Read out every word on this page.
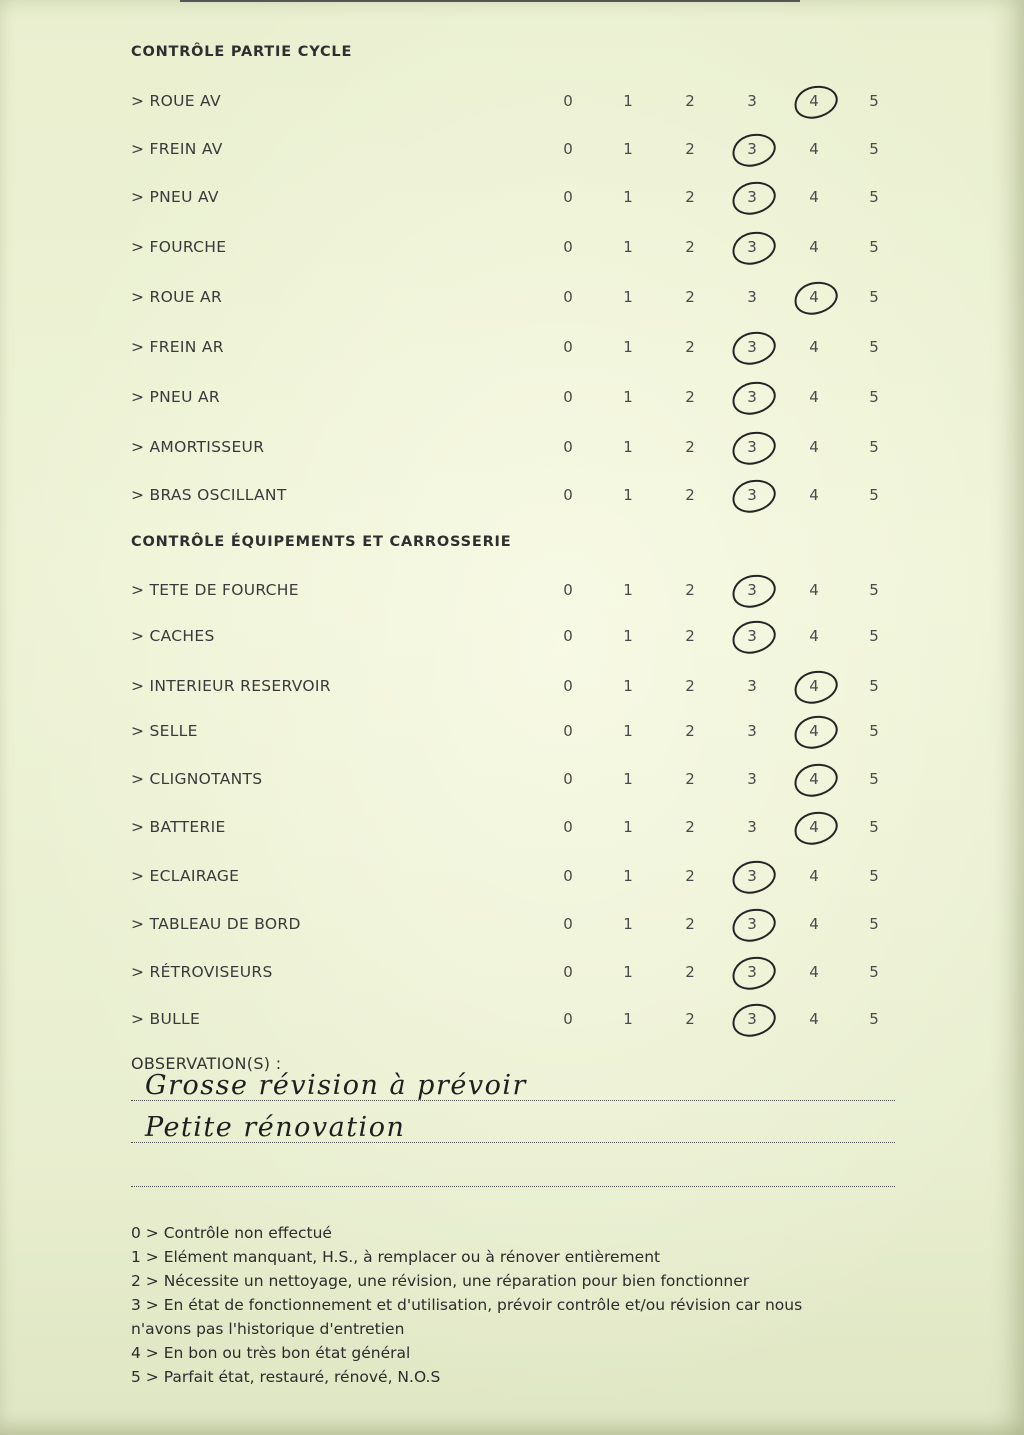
CONTRÔLE PARTIE CYCLE
CONTRÔLE ÉQUIPEMENTS ET CARROSSERIE
> ROUE AV	0	1	2	3	4	5
> FREIN AV	0	1	2	3	4	5
> PNEU AV	0	1	2	3	4	5
> FOURCHE	0	1	2	3	4	5
> ROUE AR	0	1	2	3	4	5
> FREIN AR	0	1	2	3	4	5
> PNEU AR	0	1	2	3	4	5
> AMORTISSEUR	0	1	2	3	4	5
> BRAS OSCILLANT	0	1	2	3	4	5
> TETE DE FOURCHE	0	1	2	3	4	5
> CACHES	0	1	2	3	4	5
> INTERIEUR RESERVOIR	0	1	2	3	4	5
> SELLE	0	1	2	3	4	5
> CLIGNOTANTS	0	1	2	3	4	5
> BATTERIE	0	1	2	3	4	5
> ECLAIRAGE	0	1	2	3	4	5
> TABLEAU DE BORD	0	1	2	3	4	5
> RÉTROVISEURS	0	1	2	3	4	5
> BULLE	0	1	2	3	4	5
OBSERVATION(S) :
Grosse révision à prévoir
Petite rénovation
0 > Contrôle non effectué
1 > Elément manquant, H.S., à remplacer ou à rénover entièrement
2 > Nécessite un nettoyage, une révision, une réparation pour bien fonctionner
3 > En état de fonctionnement et d'utilisation, prévoir contrôle et/ou révision car nous
n'avons pas l'historique d'entretien
4 > En bon ou très bon état général
5 > Parfait état, restauré, rénové, N.O.S
